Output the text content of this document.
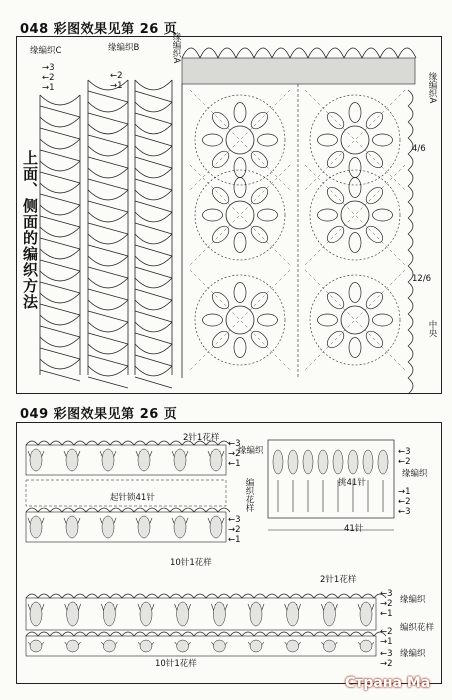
048 彩图效果见第 26 页
049 彩图效果见第 26 页
上面、侧面的编织方法
缘编织C	缘编织B	缘编织A
缘编织A
中央
4/6
12/6
→3
←2
→1
←2
→1
2针1花样
缘编织
编织花样
起针锁41针
10针1花样
←3
→2
←1
←3
→2
←1
缘编织
挑41针
41针
←3
←2
→1
←2
←3
2针1花样
缘编织
编织花样
缘编织
10针1花样
←3
→2
←1
←2
→1
←3
→2
Страна Ма
